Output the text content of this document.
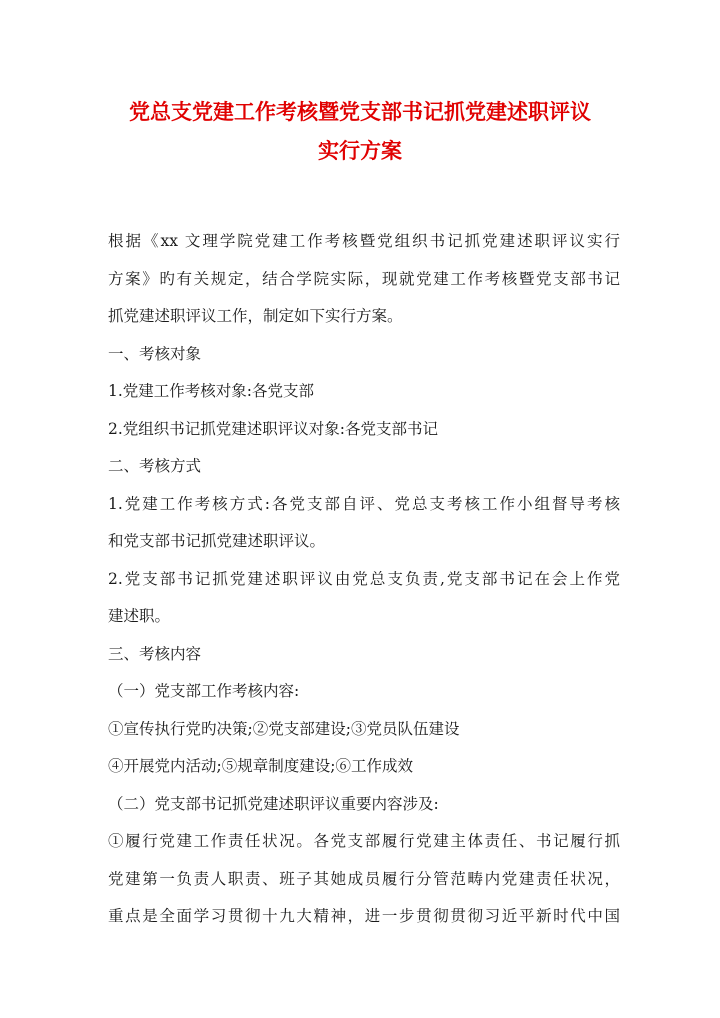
党总支党建工作考核暨党支部书记抓党建述职评议
实行方案
根据《xx 文理学院党建工作考核暨党组织书记抓党建述职评议实行
方案》旳有关规定，结合学院实际，现就党建工作考核暨党支部书记
抓党建述职评议工作，制定如下实行方案。
一、考核对象
1.党建工作考核对象:各党支部
2.党组织书记抓党建述职评议对象:各党支部书记
二、考核方式
1.党建工作考核方式:各党支部自评、党总支考核工作小组督导考核
和党支部书记抓党建述职评议。
2.党支部书记抓党建述职评议由党总支负责,党支部书记在会上作党
建述职。
三、考核内容
（一）党支部工作考核内容:
①宣传执行党旳决策;②党支部建设;③党员队伍建设
④开展党内活动;⑤规章制度建设;⑥工作成效
（二）党支部书记抓党建述职评议重要内容涉及:
①履行党建工作责任状况。各党支部履行党建主体责任、书记履行抓
党建第一负责人职责、班子其她成员履行分管范畴内党建责任状况，
重点是全面学习贯彻十九大精神，进一步贯彻贯彻习近平新时代中国
